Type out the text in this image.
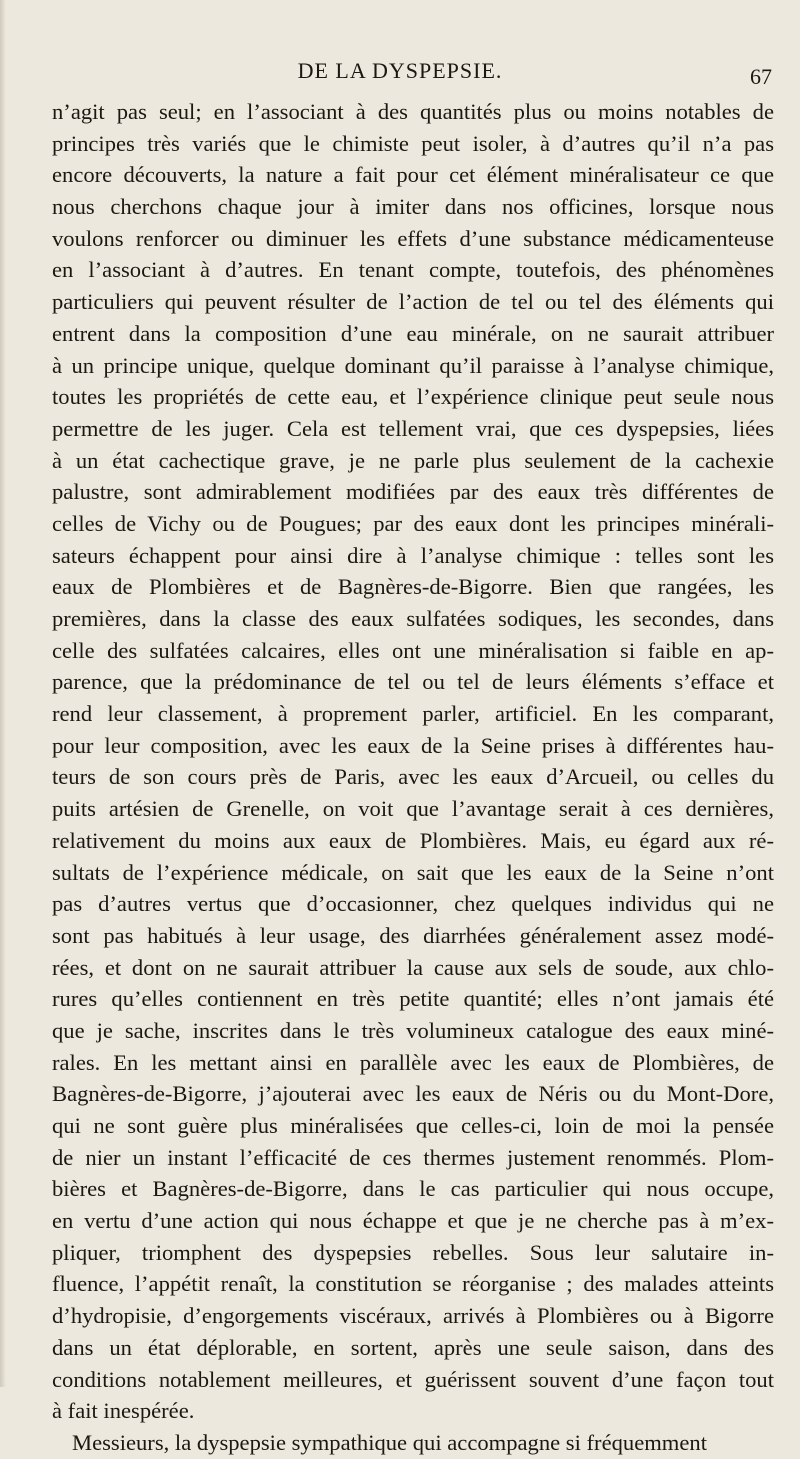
DE LA DYSPEPSIE.	67
n’agit pas seul; en l’associant à des quantités plus ou moins notables de
principes très variés que le chimiste peut isoler, à d’autres qu’il n’a pas
encore découverts, la nature a fait pour cet élément minéralisateur ce que
nous cherchons chaque jour à imiter dans nos officines, lorsque nous
voulons renforcer ou diminuer les effets d’une substance médicamenteuse
en l’associant à d’autres. En tenant compte, toutefois, des phénomènes
particuliers qui peuvent résulter de l’action de tel ou tel des éléments qui
entrent dans la composition d’une eau minérale, on ne saurait attribuer
à un principe unique, quelque dominant qu’il paraisse à l’analyse chimique,
toutes les propriétés de cette eau, et l’expérience clinique peut seule nous
permettre de les juger. Cela est tellement vrai, que ces dyspepsies, liées
à un état cachectique grave, je ne parle plus seulement de la cachexie
palustre, sont admirablement modifiées par des eaux très différentes de
celles de Vichy ou de Pougues; par des eaux dont les principes minérali-
sateurs échappent pour ainsi dire à l’analyse chimique : telles sont les
eaux de Plombières et de Bagnères-de-Bigorre. Bien que rangées, les
premières, dans la classe des eaux sulfatées sodiques, les secondes, dans
celle des sulfatées calcaires, elles ont une minéralisation si faible en ap-
parence, que la prédominance de tel ou tel de leurs éléments s’efface et
rend leur classement, à proprement parler, artificiel. En les comparant,
pour leur composition, avec les eaux de la Seine prises à différentes hau-
teurs de son cours près de Paris, avec les eaux d’Arcueil, ou celles du
puits artésien de Grenelle, on voit que l’avantage serait à ces dernières,
relativement du moins aux eaux de Plombières. Mais, eu égard aux ré-
sultats de l’expérience médicale, on sait que les eaux de la Seine n’ont
pas d’autres vertus que d’occasionner, chez quelques individus qui ne
sont pas habitués à leur usage, des diarrhées généralement assez modé-
rées, et dont on ne saurait attribuer la cause aux sels de soude, aux chlo-
rures qu’elles contiennent en très petite quantité; elles n’ont jamais été
que je sache, inscrites dans le très volumineux catalogue des eaux miné-
rales. En les mettant ainsi en parallèle avec les eaux de Plombières, de
Bagnères-de-Bigorre, j’ajouterai avec les eaux de Néris ou du Mont-Dore,
qui ne sont guère plus minéralisées que celles-ci, loin de moi la pensée
de nier un instant l’efficacité de ces thermes justement renommés. Plom-
bières et Bagnères-de-Bigorre, dans le cas particulier qui nous occupe,
en vertu d’une action qui nous échappe et que je ne cherche pas à m’ex-
pliquer, triomphent des dyspepsies rebelles. Sous leur salutaire in-
fluence, l’appétit renaît, la constitution se réorganise ; des malades atteints
d’hydropisie, d’engorgements viscéraux, arrivés à Plombières ou à Bigorre
dans un état déplorable, en sortent, après une seule saison, dans des
conditions notablement meilleures, et guérissent souvent d’une façon tout
à fait inespérée.
Messieurs, la dyspepsie sympathique qui accompagne si fréquemment
